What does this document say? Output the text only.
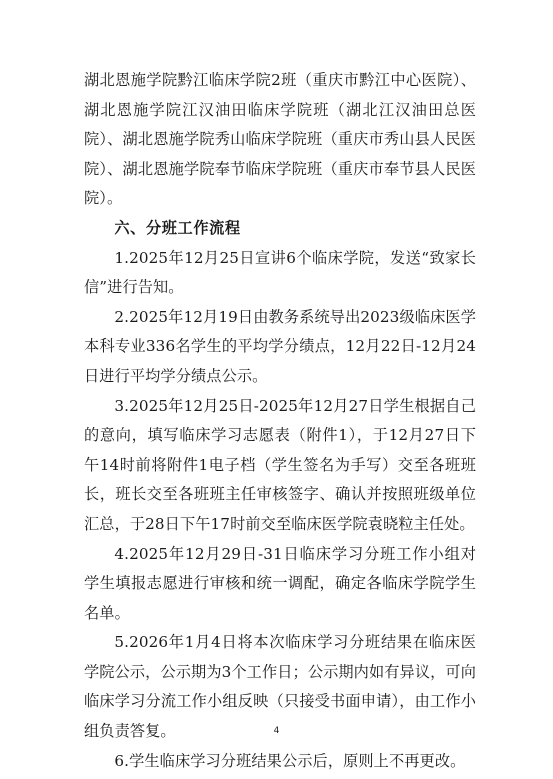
湖北恩施学院黔江临床学院2班（重庆市黔江中心医院）、湖北恩施学院江汉油田临床学院班（湖北江汉油田总医院）、湖北恩施学院秀山临床学院班（重庆市秀山县人民医院）、湖北恩施学院奉节临床学院班（重庆市奉节县人民医院）。

六、分班工作流程

1.2025年12月25日宣讲6个临床学院，发送“致家长信”进行告知。

2.2025年12月19日由教务系统导出2023级临床医学本科专业336名学生的平均学分绩点，12月22日-12月24日进行平均学分绩点公示。

3.2025年12月25日-2025年12月27日学生根据自己的意向，填写临床学习志愿表（附件1），于12月27日下午14时前将附件1电子档（学生签名为手写）交至各班班长，班长交至各班班主任审核签字、确认并按照班级单位汇总，于28日下午17时前交至临床医学院袁晓粒主任处。

4.2025年12月29日-31日临床学习分班工作小组对学生填报志愿进行审核和统一调配，确定各临床学院学生名单。

5.2026年1月4日将本次临床学习分班结果在临床医学院公示，公示期为3个工作日；公示期内如有异议，可向临床学习分流工作小组反映（只接受书面申请），由工作小组负责答复。

6.学生临床学习分班结果公示后，原则上不再更改。

4
